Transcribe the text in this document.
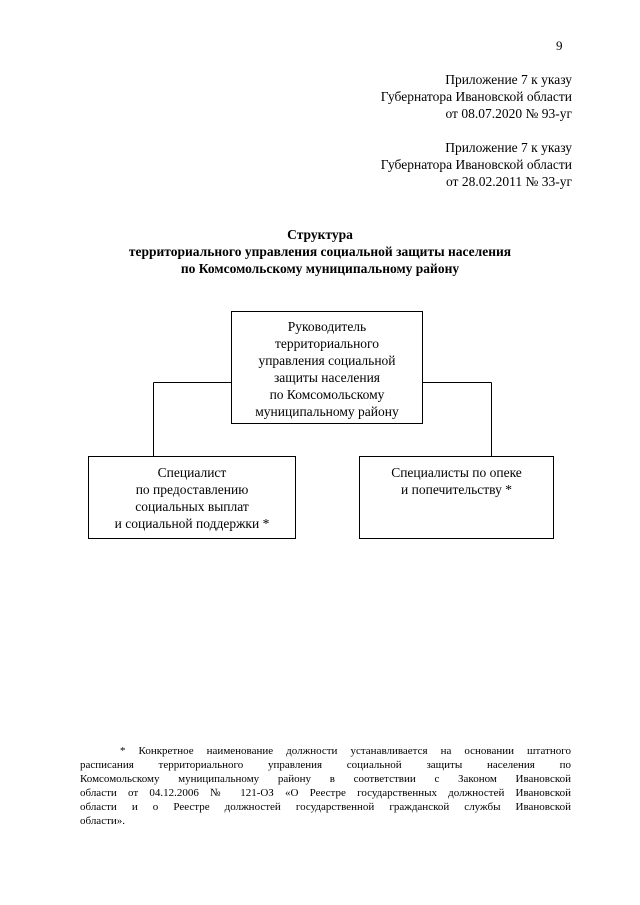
9
Приложение 7 к указу
Губернатора Ивановской области
от 08.07.2020 № 93-уг
Приложение 7 к указу
Губернатора Ивановской области
от 28.02.2011 № 33-уг
Структура
территориального управления социальной защиты населения
по Комсомольскому муниципальному району
Руководитель
территориального
управления социальной
защиты населения
по Комсомольскому
муниципальному району
Специалист
по предоставлению
социальных выплат
и социальной поддержки *
Специалисты по опеке
и попечительству *
* Конкретное наименование должности устанавливается на основании штатного
расписания территориального управления социальной защиты населения по
Комсомольскому муниципальному району в соответствии с Законом Ивановской
области от 04.12.2006 № 121-ОЗ «О Реестре государственных должностей Ивановской
области и о Реестре должностей государственной гражданской службы Ивановской
области».
